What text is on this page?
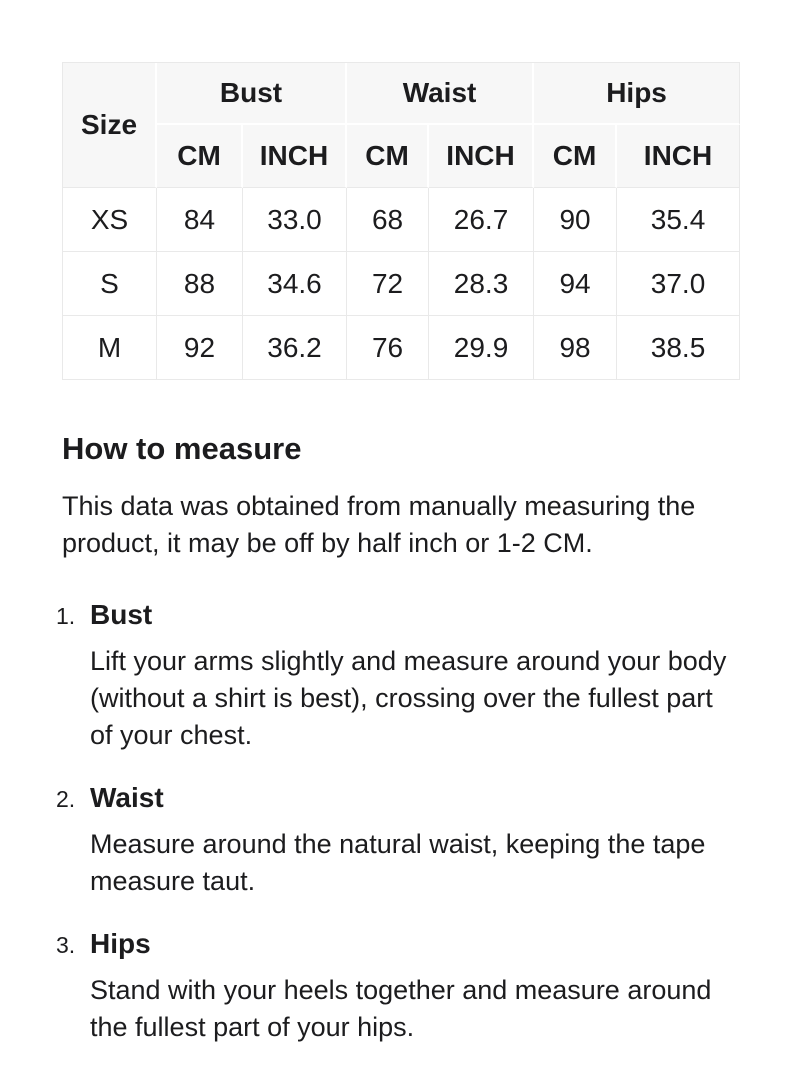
Size	Bust		Waist		Hips	
	CM	INCH	CM	INCH	CM	INCH
XS	84	33.0	68	26.7	90	35.4
S	88	34.6	72	28.3	94	37.0
M	92	36.2	76	29.9	98	38.5
How to measure

This data was obtained from manually measuring the product, it may be off by half inch or 1-2 CM.

1. Bust
Lift your arms slightly and measure around your body (without a shirt is best), crossing over the fullest part of your chest.
2. Waist
Measure around the natural waist, keeping the tape measure taut.
3. Hips
Stand with your heels together and measure around the fullest part of your hips.
